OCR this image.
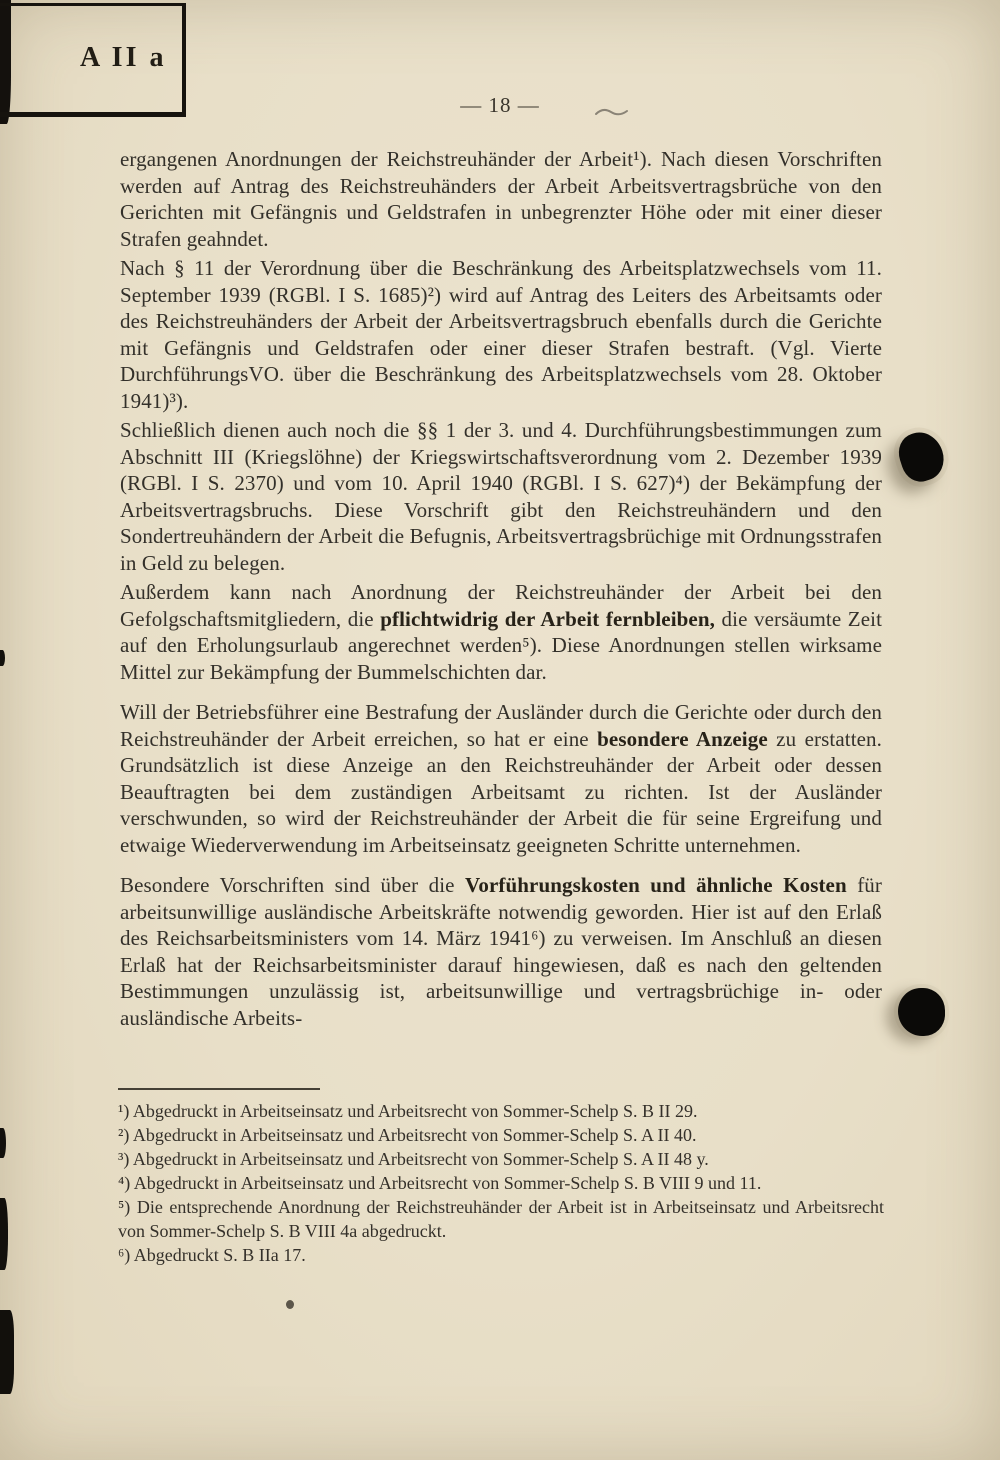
A II a
— 18 —

ergangenen Anordnungen der Reichstreuhänder der Arbeit¹). Nach diesen Vorschriften werden auf Antrag des Reichstreuhänders der Arbeit Arbeitsvertragsbrüche von den Gerichten mit Gefängnis und Geldstrafen in unbegrenzter Höhe oder mit einer dieser Strafen geahndet.

Nach § 11 der Verordnung über die Beschränkung des Arbeitsplatzwechsels vom 11. September 1939 (RGBl. I S. 1685)²) wird auf Antrag des Leiters des Arbeitsamts oder des Reichstreuhänders der Arbeit der Arbeitsvertragsbruch ebenfalls durch die Gerichte mit Gefängnis und Geldstrafen oder einer dieser Strafen bestraft. (Vgl. Vierte DurchführungsVO. über die Beschränkung des Arbeitsplatzwechsels vom 28. Oktober 1941)³).

Schließlich dienen auch noch die §§ 1 der 3. und 4. Durchführungsbestimmungen zum Abschnitt III (Kriegslöhne) der Kriegswirtschaftsverordnung vom 2. Dezember 1939 (RGBl. I S. 2370) und vom 10. April 1940 (RGBl. I S. 627)⁴) der Bekämpfung der Arbeitsvertragsbruchs. Diese Vorschrift gibt den Reichstreuhändern und den Sondertreuhändern der Arbeit die Befugnis, Arbeitsvertragsbrüchige mit Ordnungsstrafen in Geld zu belegen.

Außerdem kann nach Anordnung der Reichstreuhänder der Arbeit bei den Gefolgschaftsmitgliedern, die pflichtwidrig der Arbeit fernbleiben, die versäumte Zeit auf den Erholungsurlaub angerechnet werden⁵). Diese Anordnungen stellen wirksame Mittel zur Bekämpfung der Bummelschichten dar.

Will der Betriebsführer eine Bestrafung der Ausländer durch die Gerichte oder durch den Reichstreuhänder der Arbeit erreichen, so hat er eine besondere Anzeige zu erstatten. Grundsätzlich ist diese Anzeige an den Reichstreuhänder der Arbeit oder dessen Beauftragten bei dem zuständigen Arbeitsamt zu richten. Ist der Ausländer verschwunden, so wird der Reichstreuhänder der Arbeit die für seine Ergreifung und etwaige Wiederverwendung im Arbeitseinsatz geeigneten Schritte unternehmen.

Besondere Vorschriften sind über die Vorführungskosten und ähnliche Kosten für arbeitsunwillige ausländische Arbeitskräfte notwendig geworden. Hier ist auf den Erlaß des Reichsarbeitsministers vom 14. März 1941⁶) zu verweisen. Im Anschluß an diesen Erlaß hat der Reichsarbeitsminister darauf hingewiesen, daß es nach den geltenden Bestimmungen unzulässig ist, arbeitsunwillige und vertragsbrüchige in- oder ausländische Arbeits-

¹) Abgedruckt in Arbeitseinsatz und Arbeitsrecht von Sommer-Schelp S. B II 29.

²) Abgedruckt in Arbeitseinsatz und Arbeitsrecht von Sommer-Schelp S. A II 40.

³) Abgedruckt in Arbeitseinsatz und Arbeitsrecht von Sommer-Schelp S. A II 48 y.

⁴) Abgedruckt in Arbeitseinsatz und Arbeitsrecht von Sommer-Schelp S. B VIII 9 und 11.

⁵) Die entsprechende Anordnung der Reichstreuhänder der Arbeit ist in Arbeitseinsatz und Arbeitsrecht von Sommer-Schelp S. B VIII 4a abgedruckt.

⁶) Abgedruckt S. B IIa 17.
